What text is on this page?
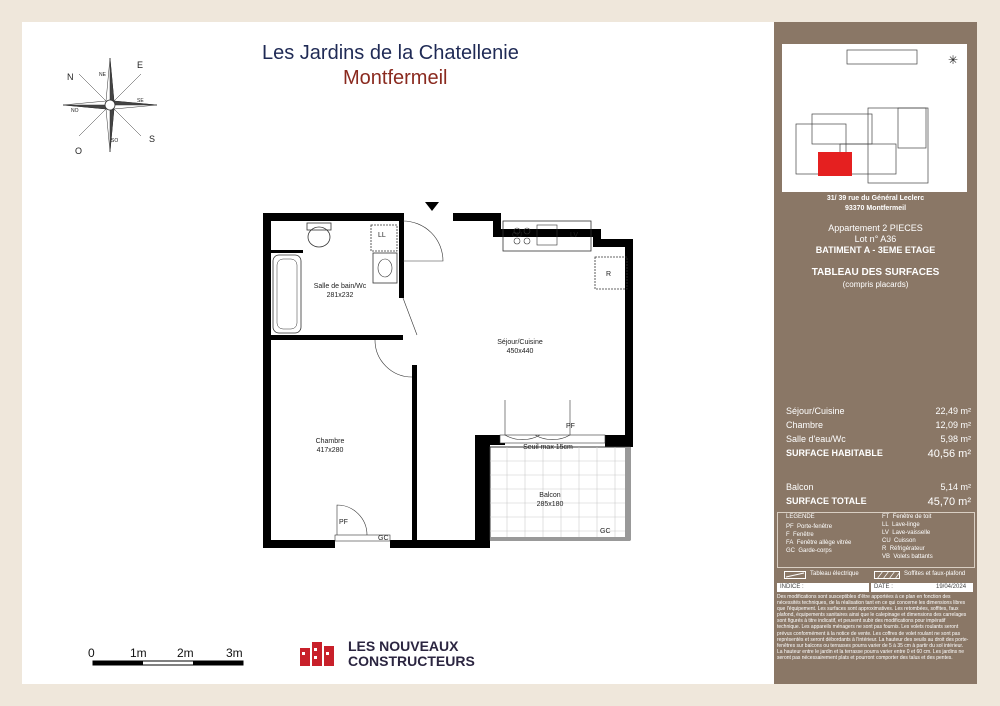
Les Jardins de la Chatellenie
Montfermeil
N
E
S
O
NE
SE
SO
NO
Salle de bain/Wc
281x232
Séjour/Cuisine
450x440
Chambre
417x280
Balcon
285x180
Seuil max 15cm
LL	CU	LV
R
PF
PF
GC
GC
0	1m	2m	3m	LES NOUVEAUX
CONSTRUCTEURS
✳
31/ 39 rue du Général Leclerc
93370 Montfermeil
Appartement 2 PIECES
Lot n° A36
BATIMENT A - 3EME ETAGE
TABLEAU DES SURFACES
(compris placards)
Séjour/Cuisine	22,49 m²
Chambre	12,09 m²
Salle d'eau/Wc	5,98 m²
SURFACE HABITABLE	40,56 m²
Balcon	5,14 m²
SURFACE TOTALE	45,70 m²
LEGENDE
PF Porte-fenêtre
F Fenêtre
FA Fenêtre allège vitrée
GC Garde-corps
FT Fenêtre de toit
LL Lave-linge
LV Lave-vaisselle
CU Cuisson
R Réfrigérateur
VB Volets battants
Tableau électrique	Soffites et faux-plafond
INDICE :	DATE :	19/04/2024
Des modifications sont susceptibles d'être apportées à ce plan en fonction des nécessités techniques, de la réalisation tant en ce qui concerne les dimensions libres que l'équipement. Les surfaces sont approximatives. Les retombées, soffites, faux plafond, équipements sanitaires ainsi que le calepinage et dimensions des carrelages sont figurés à titre indicatif, et peuvent subir des modifications pour impératif technique. Les appareils ménagers ne sont pas fournis. Les volets roulants seront prévus conformément à la notice de vente. Les coffres de volet roulant ne sont pas représentés et seront débordants à l'intérieur. La hauteur des seuils au droit des porte-fenêtres sur balcons ou terrasses pourra varier de 5 à 35 cm à partir du sol intérieur. La hauteur entre le jardin et la terrasse pourra varier entre 0 et 60 cm. Les jardins ne seront pas nécessairement plats et pourront comporter des talus et des pentes.
